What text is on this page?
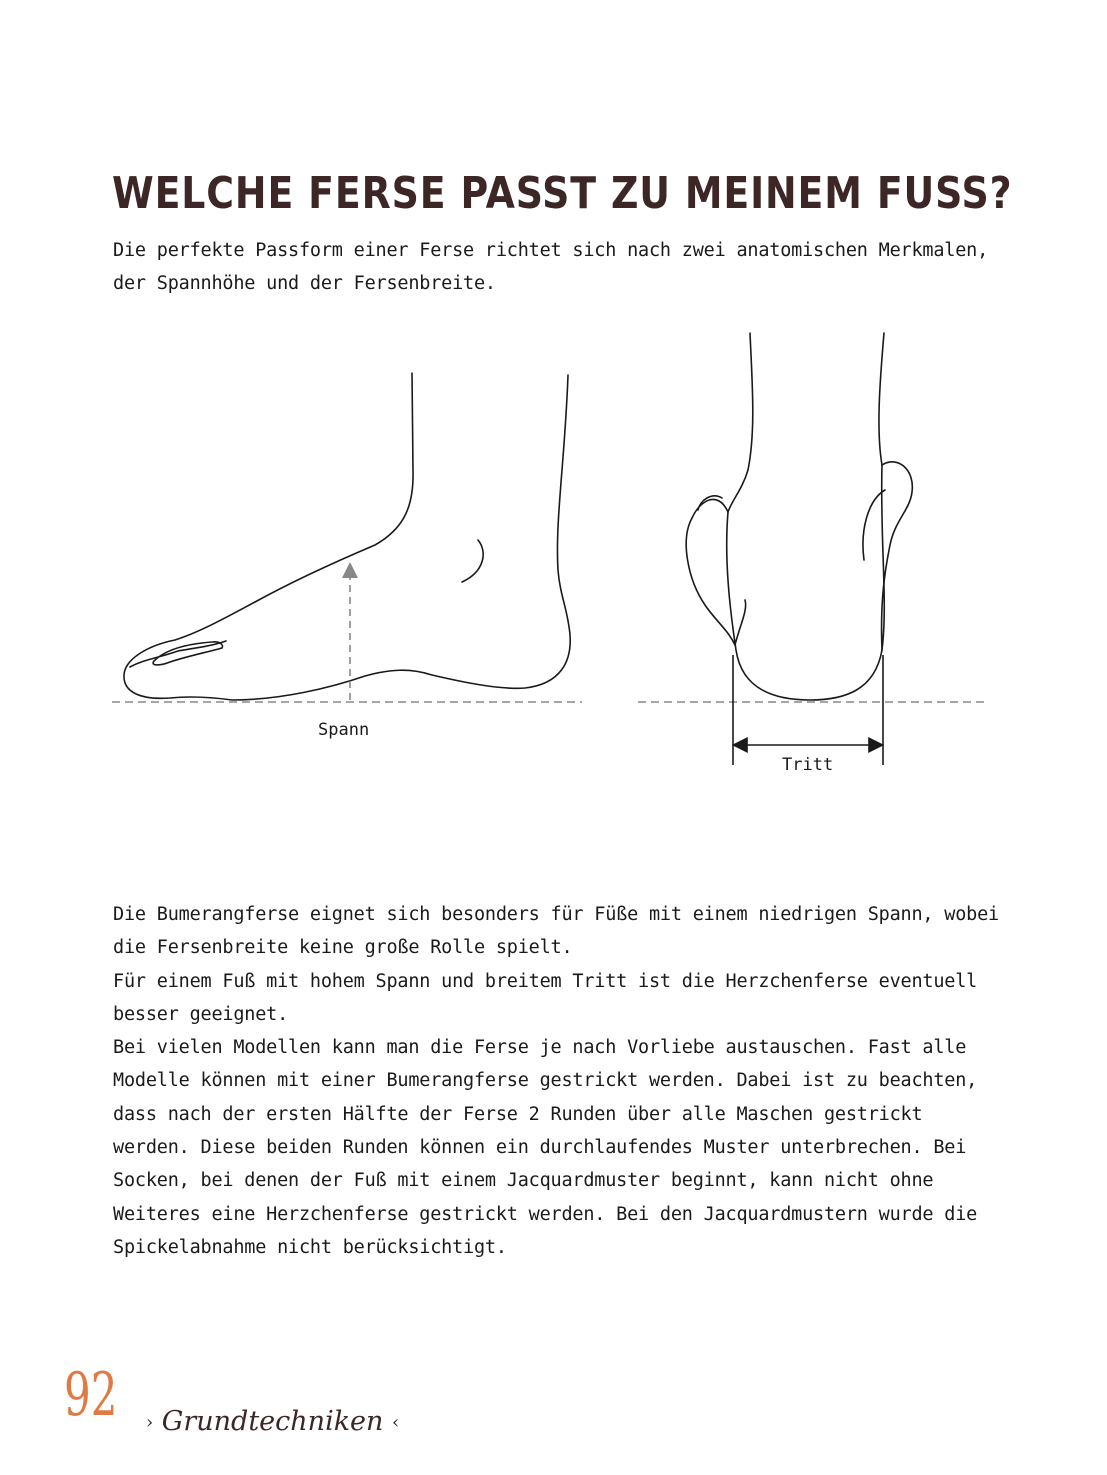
WELCHE FERSE PASST ZU MEINEM FUSS?

Die perfekte Passform einer Ferse richtet sich nach zwei anatomischen Merkmalen, der Spannhöhe und der Fersenbreite.

Spann
Tritt

Die Bumerangferse eignet sich besonders für Füße mit einem niedrigen Spann, wobei die Fersenbreite keine große Rolle spielt.

Für einem Fuß mit hohem Spann und breitem Tritt ist die Herzchenferse eventuell besser geeignet.

Bei vielen Modellen kann man die Ferse je nach Vorliebe austauschen. Fast alle Modelle können mit einer Bumerangferse gestrickt werden. Dabei ist zu beachten, dass nach der ersten Hälfte der Ferse 2 Runden über alle Maschen gestrickt werden. Diese beiden Runden können ein durchlaufendes Muster unterbrechen. Bei Socken, bei denen der Fuß mit einem Jacquardmuster beginnt, kann nicht ohne Weiteres eine Herzchenferse gestrickt werden. Bei den Jacquardmustern wurde die Spickelabnahme nicht berücksichtigt.

92 › Grundtechniken ‹
